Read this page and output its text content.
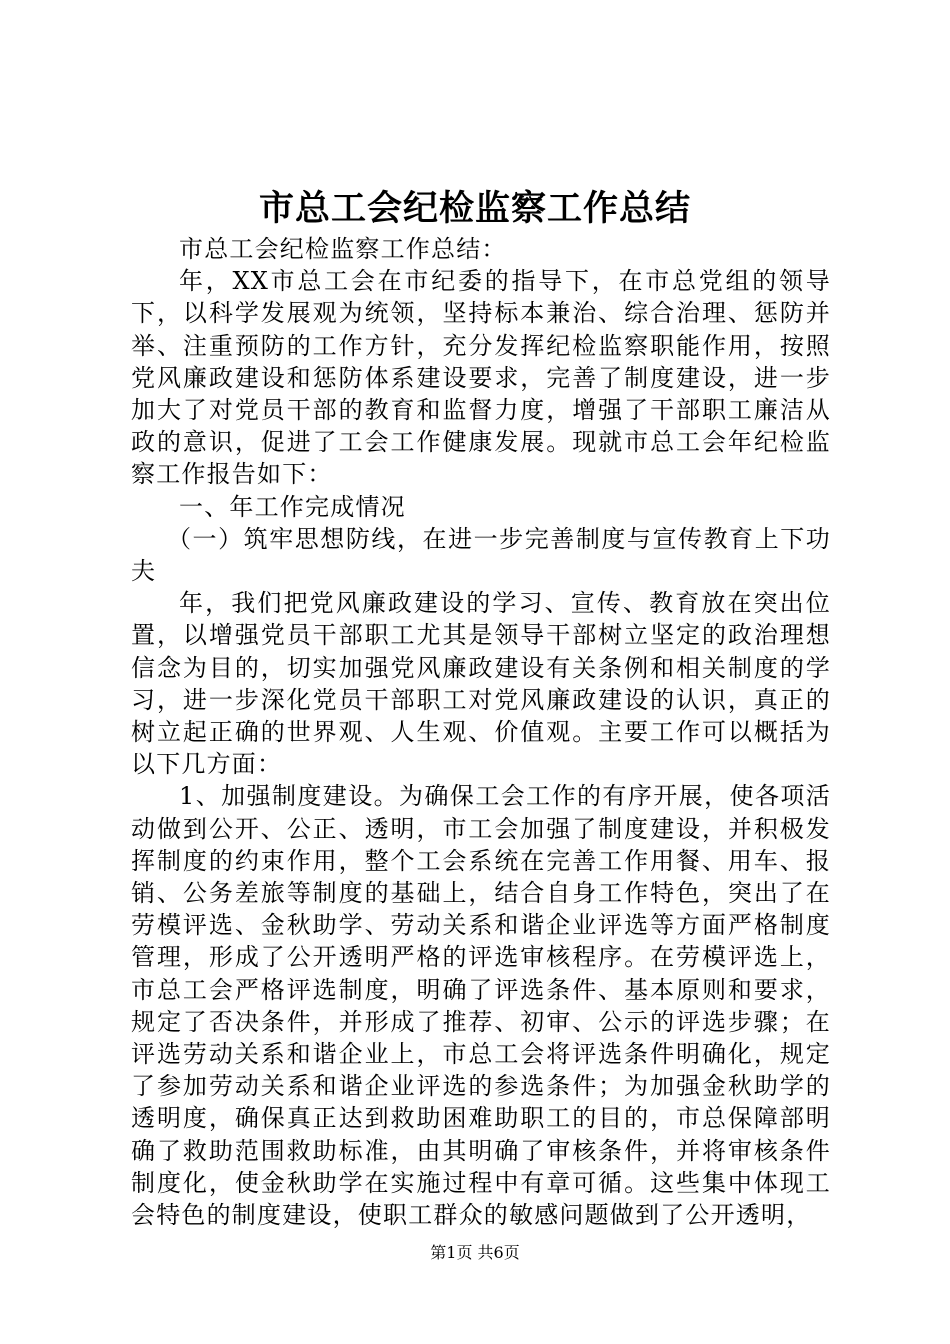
市总工会纪检监察工作总结

市总工会纪检监察工作总结：

年，XX市总工会在市纪委的指导下，在市总党组的领导下，以科学发展观为统领，坚持标本兼治、综合治理、惩防并举、注重预防的工作方针，充分发挥纪检监察职能作用，按照党风廉政建设和惩防体系建设要求，完善了制度建设，进一步加大了对党员干部的教育和监督力度，增强了干部职工廉洁从政的意识，促进了工会工作健康发展。现就市总工会年纪检监察工作报告如下：

一、年工作完成情况

（一）筑牢思想防线，在进一步完善制度与宣传教育上下功夫

年，我们把党风廉政建设的学习、宣传、教育放在突出位置，以增强党员干部职工尤其是领导干部树立坚定的政治理想信念为目的，切实加强党风廉政建设有关条例和相关制度的学习，进一步深化党员干部职工对党风廉政建设的认识，真正的树立起正确的世界观、人生观、价值观。主要工作可以概括为以下几方面：

1、加强制度建设。为确保工会工作的有序开展，使各项活动做到公开、公正、透明，市工会加强了制度建设，并积极发挥制度的约束作用，整个工会系统在完善工作用餐、用车、报销、公务差旅等制度的基础上，结合自身工作特色，突出了在劳模评选、金秋助学、劳动关系和谐企业评选等方面严格制度管理，形成了公开透明严格的评选审核程序。在劳模评选上，市总工会严格评选制度，明确了评选条件、基本原则和要求，规定了否决条件，并形成了推荐、初审、公示的评选步骤；在评选劳动关系和谐企业上，市总工会将评选条件明确化，规定了参加劳动关系和谐企业评选的参选条件；为加强金秋助学的透明度，确保真正达到救助困难助职工的目的，市总保障部明确了救助范围救助标准，由其明确了审核条件，并将审核条件制度化，使金秋助学在实施过程中有章可循。这些集中体现工会特色的制度建设，使职工群众的敏感问题做到了公开透明，

第1页 共6页
